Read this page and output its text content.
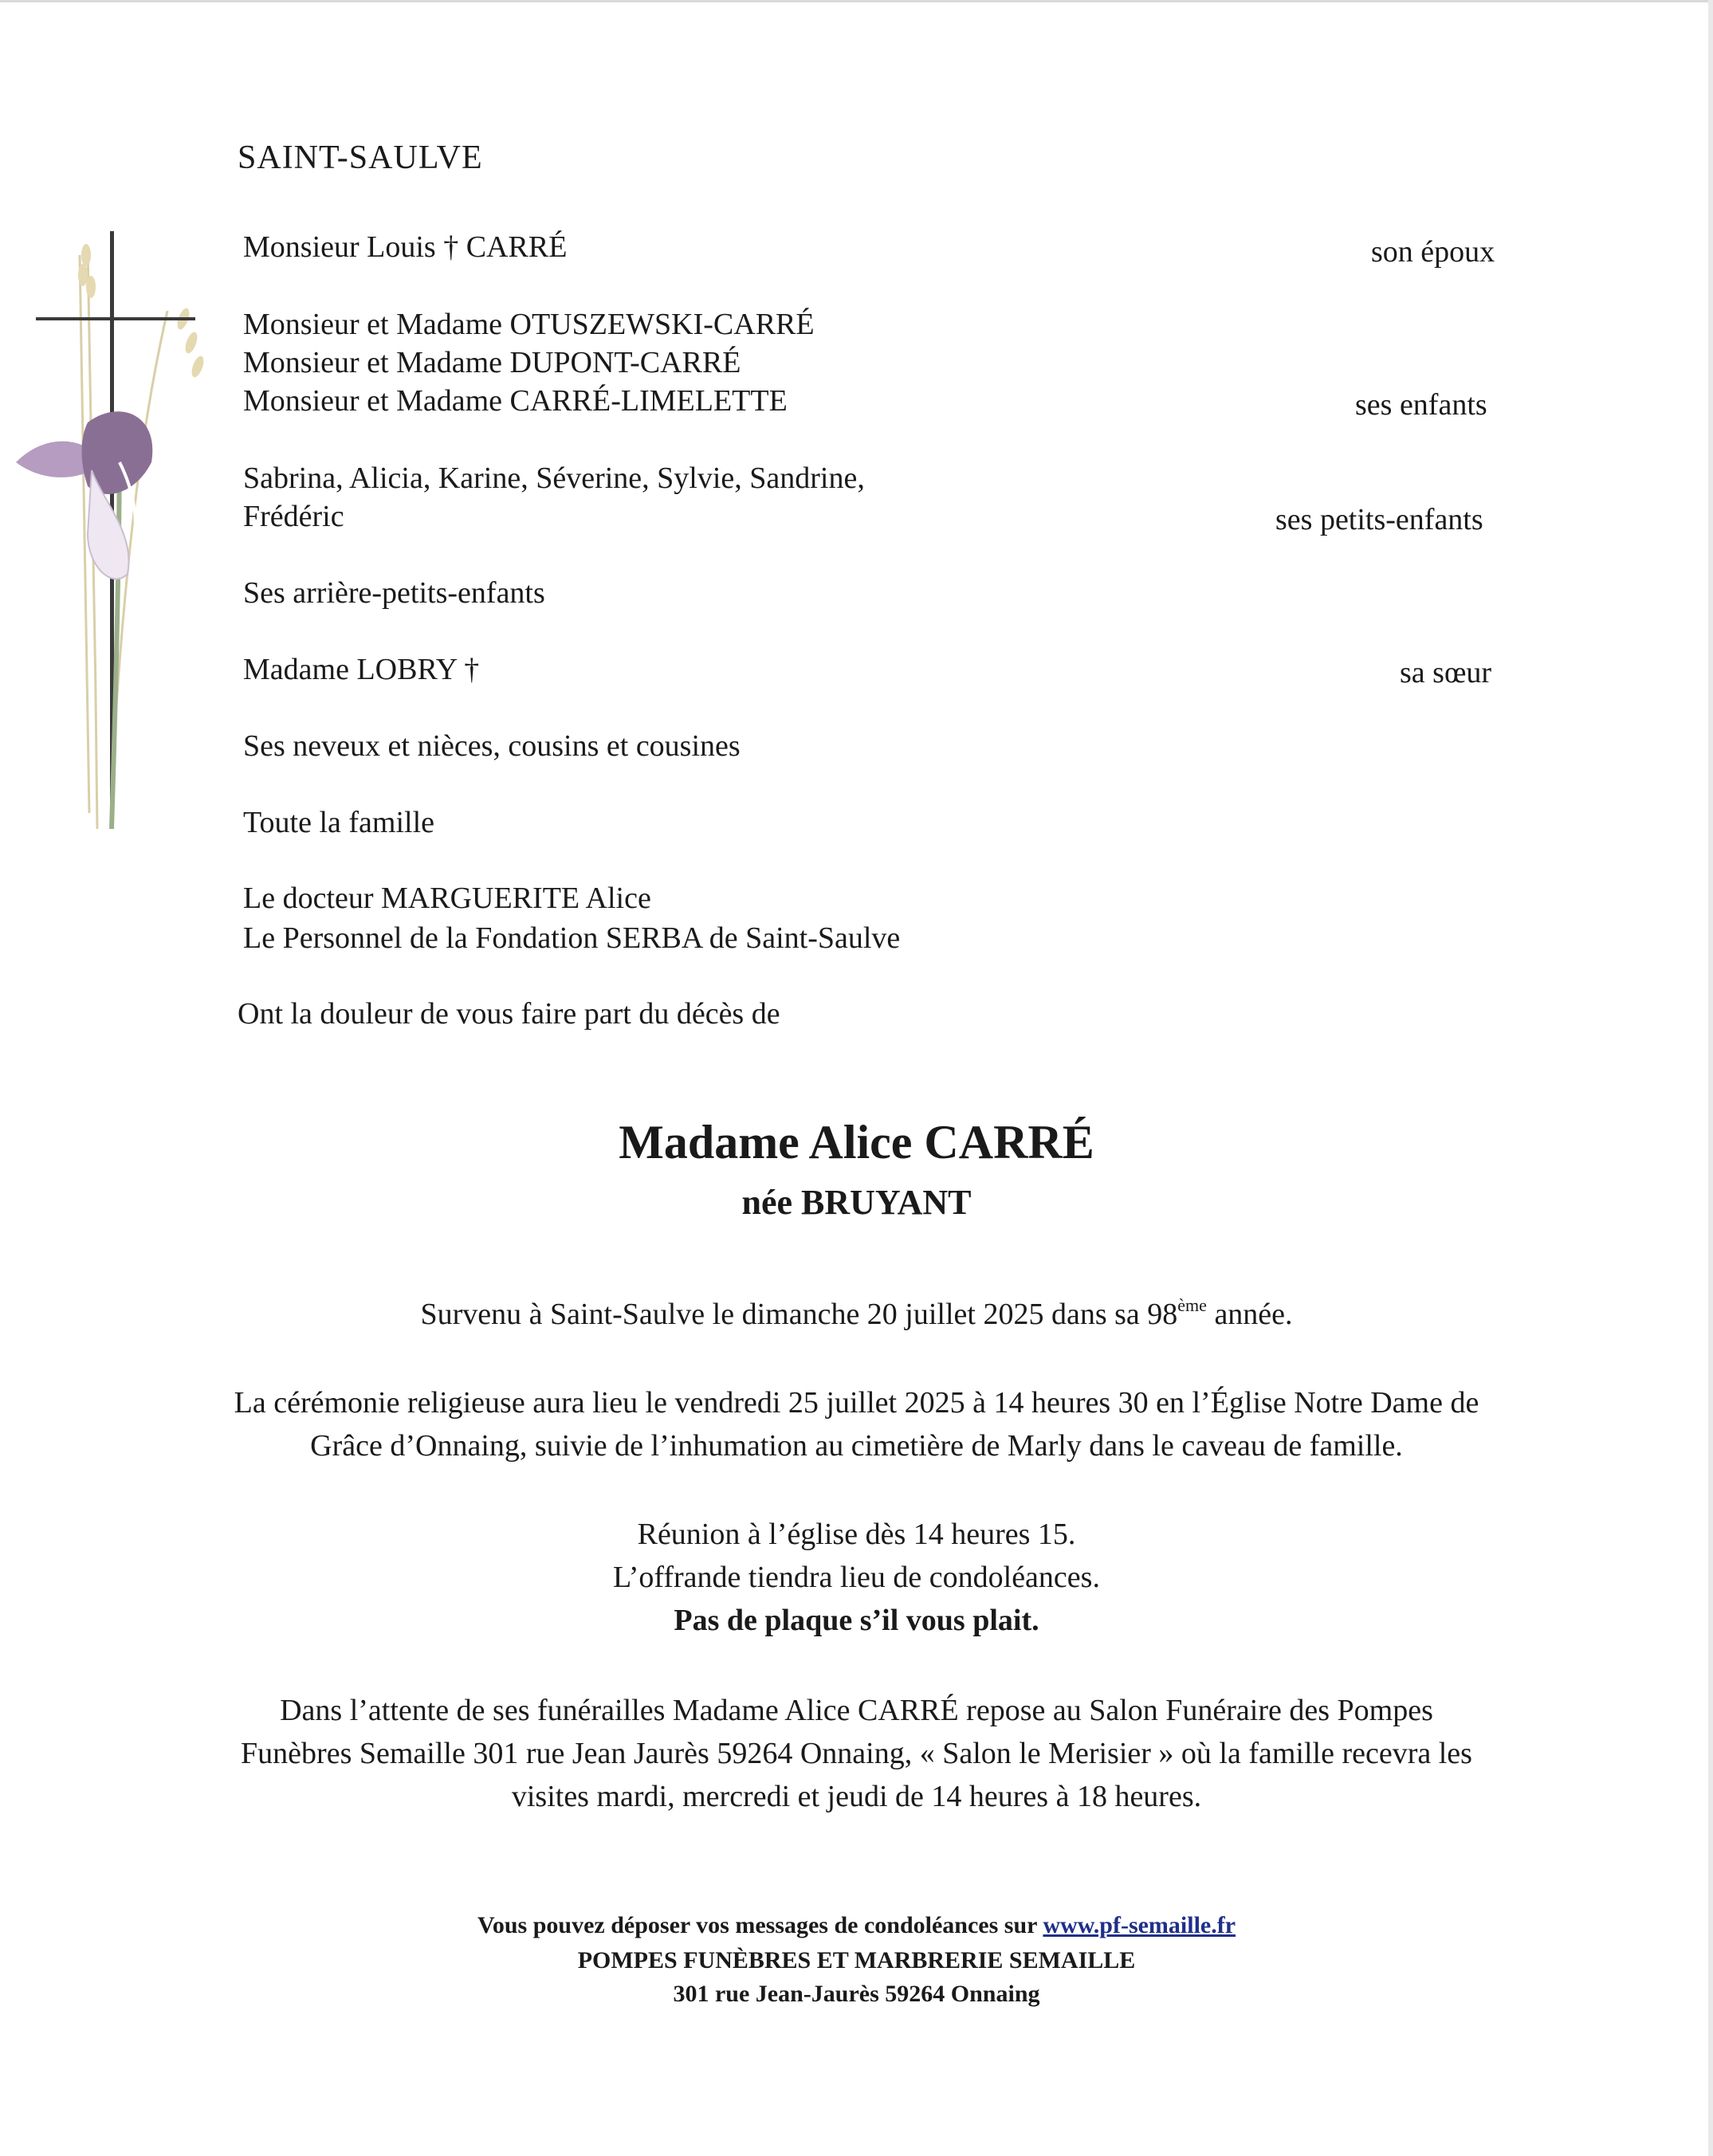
SAINT-SAULVE
Monsieur Louis † CARRÉ	son époux
Monsieur et Madame OTUSZEWSKI-CARRÉ
Monsieur et Madame DUPONT-CARRÉ
Monsieur et Madame CARRÉ-LIMELETTE	ses enfants
Sabrina, Alicia, Karine, Séverine, Sylvie, Sandrine,
Frédéric	ses petits-enfants
Ses arrière-petits-enfants
Madame LOBRY †	sa sœur
Ses neveux et nièces, cousins et cousines
Toute la famille
Le docteur MARGUERITE Alice
Le Personnel de la Fondation SERBA de Saint-Saulve
Ont la douleur de vous faire part du décès de
Madame Alice CARRÉ
née BRUYANT
Survenu à Saint-Saulve le dimanche 20 juillet 2025 dans sa 98ème année.
La cérémonie religieuse aura lieu le vendredi 25 juillet 2025 à 14 heures 30 en l’Église Notre Dame de
Grâce d’Onnaing, suivie de l’inhumation au cimetière de Marly dans le caveau de famille.
Réunion à l’église dès 14 heures 15.
L’offrande tiendra lieu de condoléances.
Pas de plaque s’il vous plait.
Dans l’attente de ses funérailles Madame Alice CARRÉ repose au Salon Funéraire des Pompes
Funèbres Semaille 301 rue Jean Jaurès 59264 Onnaing, « Salon le Merisier » où la famille recevra les
visites mardi, mercredi et jeudi de 14 heures à 18 heures.
Vous pouvez déposer vos messages de condoléances sur www.pf-semaille.fr
POMPES FUNÈBRES ET MARBRERIE SEMAILLE
301 rue Jean-Jaurès 59264 Onnaing
